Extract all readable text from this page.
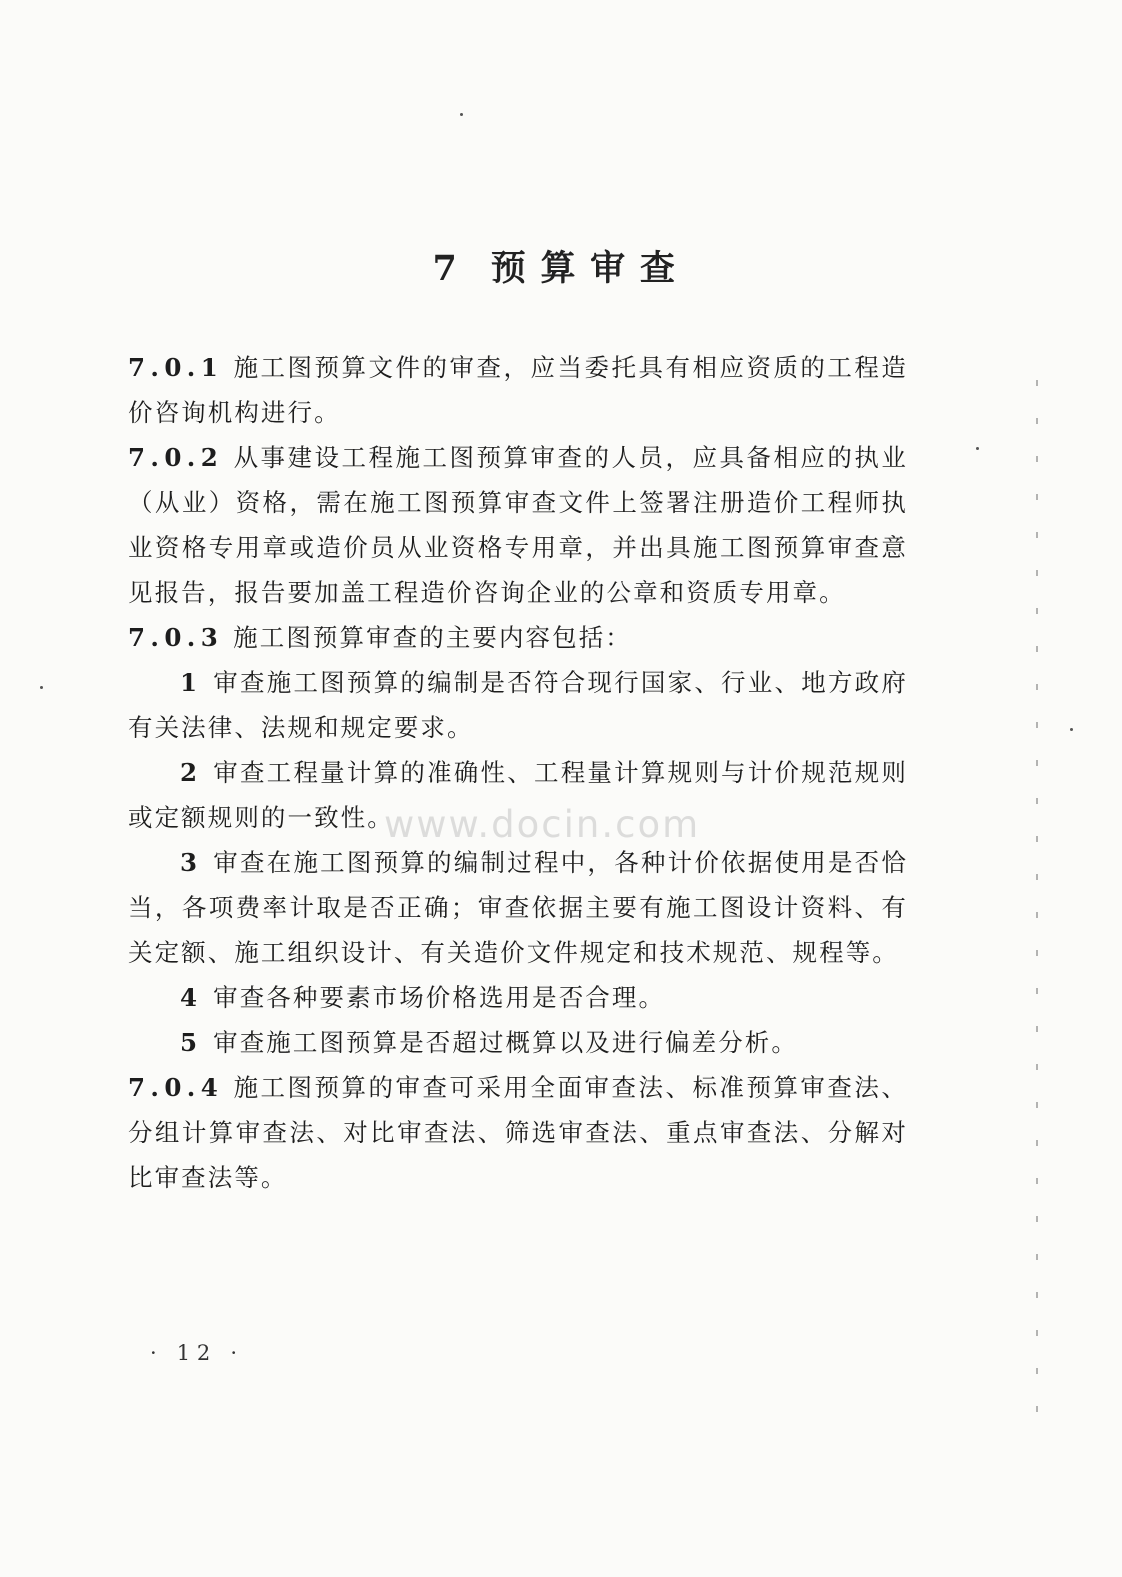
7 预算审查

7.0.1 施工图预算文件的审查，应当委托具有相应资质的工程造价咨询机构进行。

7.0.2 从事建设工程施工图预算审查的人员，应具备相应的执业（从业）资格，需在施工图预算审查文件上签署注册造价工程师执业资格专用章或造价员从业资格专用章，并出具施工图预算审查意见报告，报告要加盖工程造价咨询企业的公章和资质专用章。

7.0.3 施工图预算审查的主要内容包括：

1 审查施工图预算的编制是否符合现行国家、行业、地方政府有关法律、法规和规定要求。

2 审查工程量计算的准确性、工程量计算规则与计价规范规则或定额规则的一致性。

3 审查在施工图预算的编制过程中，各种计价依据使用是否恰当，各项费率计取是否正确；审查依据主要有施工图设计资料、有关定额、施工组织设计、有关造价文件规定和技术规范、规程等。

4 审查各种要素市场价格选用是否合理。

5 审查施工图预算是否超过概算以及进行偏差分析。

7.0.4 施工图预算的审查可采用全面审查法、标准预算审查法、分组计算审查法、对比审查法、筛选审查法、重点审查法、分解对比审查法等。

www.docin.com
· 12 ·
